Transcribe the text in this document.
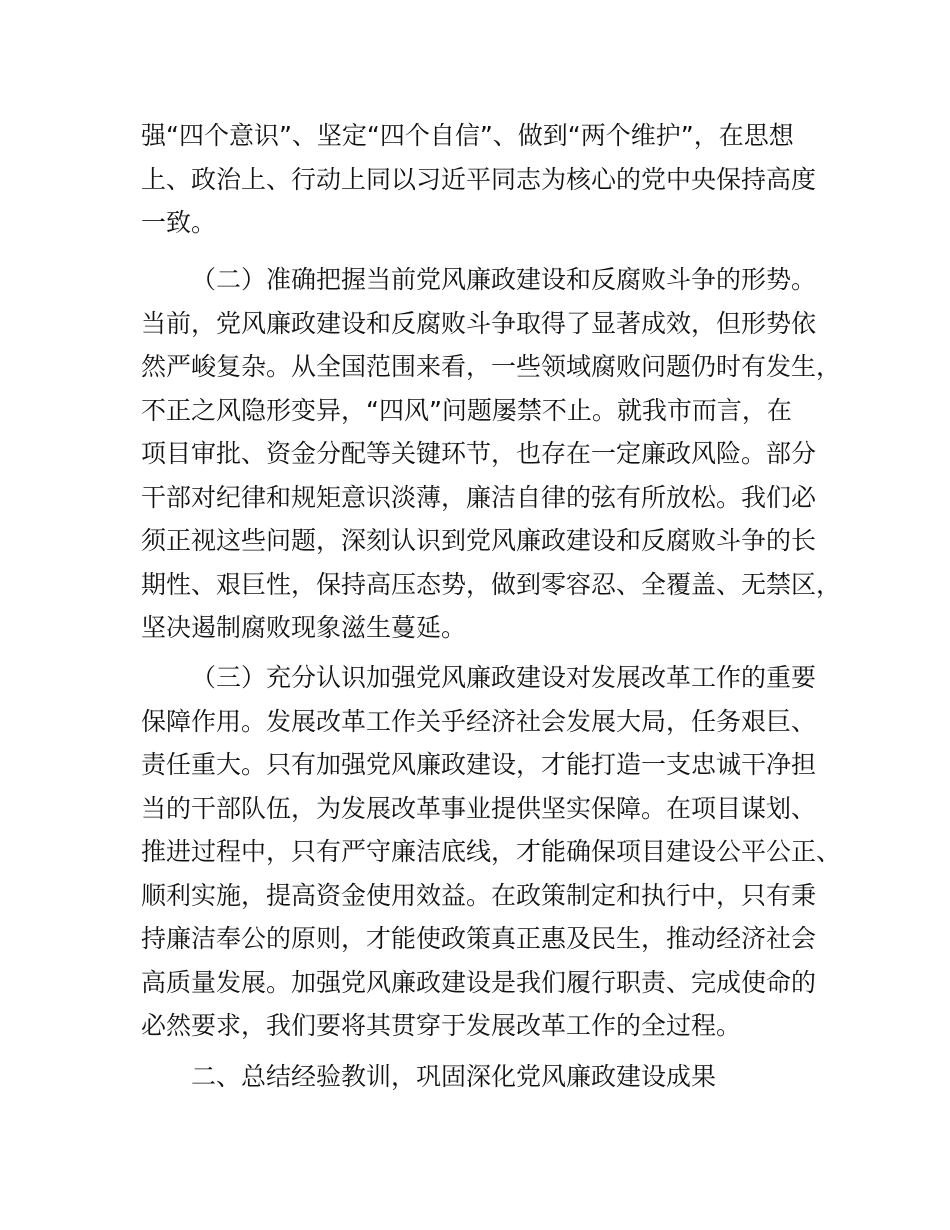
强“四个意识”、坚定“四个自信”、做到“两个维护”，在思想
上、政治上、行动上同以习近平同志为核心的党中央保持高度
一致。
（二）准确把握当前党风廉政建设和反腐败斗争的形势。
当前，党风廉政建设和反腐败斗争取得了显著成效，但形势依
然严峻复杂。从全国范围来看，一些领域腐败问题仍时有发生，
不正之风隐形变异，“四风”问题屡禁不止。就我市而言，在
项目审批、资金分配等关键环节，也存在一定廉政风险。部分
干部对纪律和规矩意识淡薄，廉洁自律的弦有所放松。我们必
须正视这些问题，深刻认识到党风廉政建设和反腐败斗争的长
期性、艰巨性，保持高压态势，做到零容忍、全覆盖、无禁区，
坚决遏制腐败现象滋生蔓延。
（三）充分认识加强党风廉政建设对发展改革工作的重要
保障作用。发展改革工作关乎经济社会发展大局，任务艰巨、
责任重大。只有加强党风廉政建设，才能打造一支忠诚干净担
当的干部队伍，为发展改革事业提供坚实保障。在项目谋划、
推进过程中，只有严守廉洁底线，才能确保项目建设公平公正、
顺利实施，提高资金使用效益。在政策制定和执行中，只有秉
持廉洁奉公的原则，才能使政策真正惠及民生，推动经济社会
高质量发展。加强党风廉政建设是我们履行职责、完成使命的
必然要求，我们要将其贯穿于发展改革工作的全过程。
二、总结经验教训，巩固深化党风廉政建设成果
